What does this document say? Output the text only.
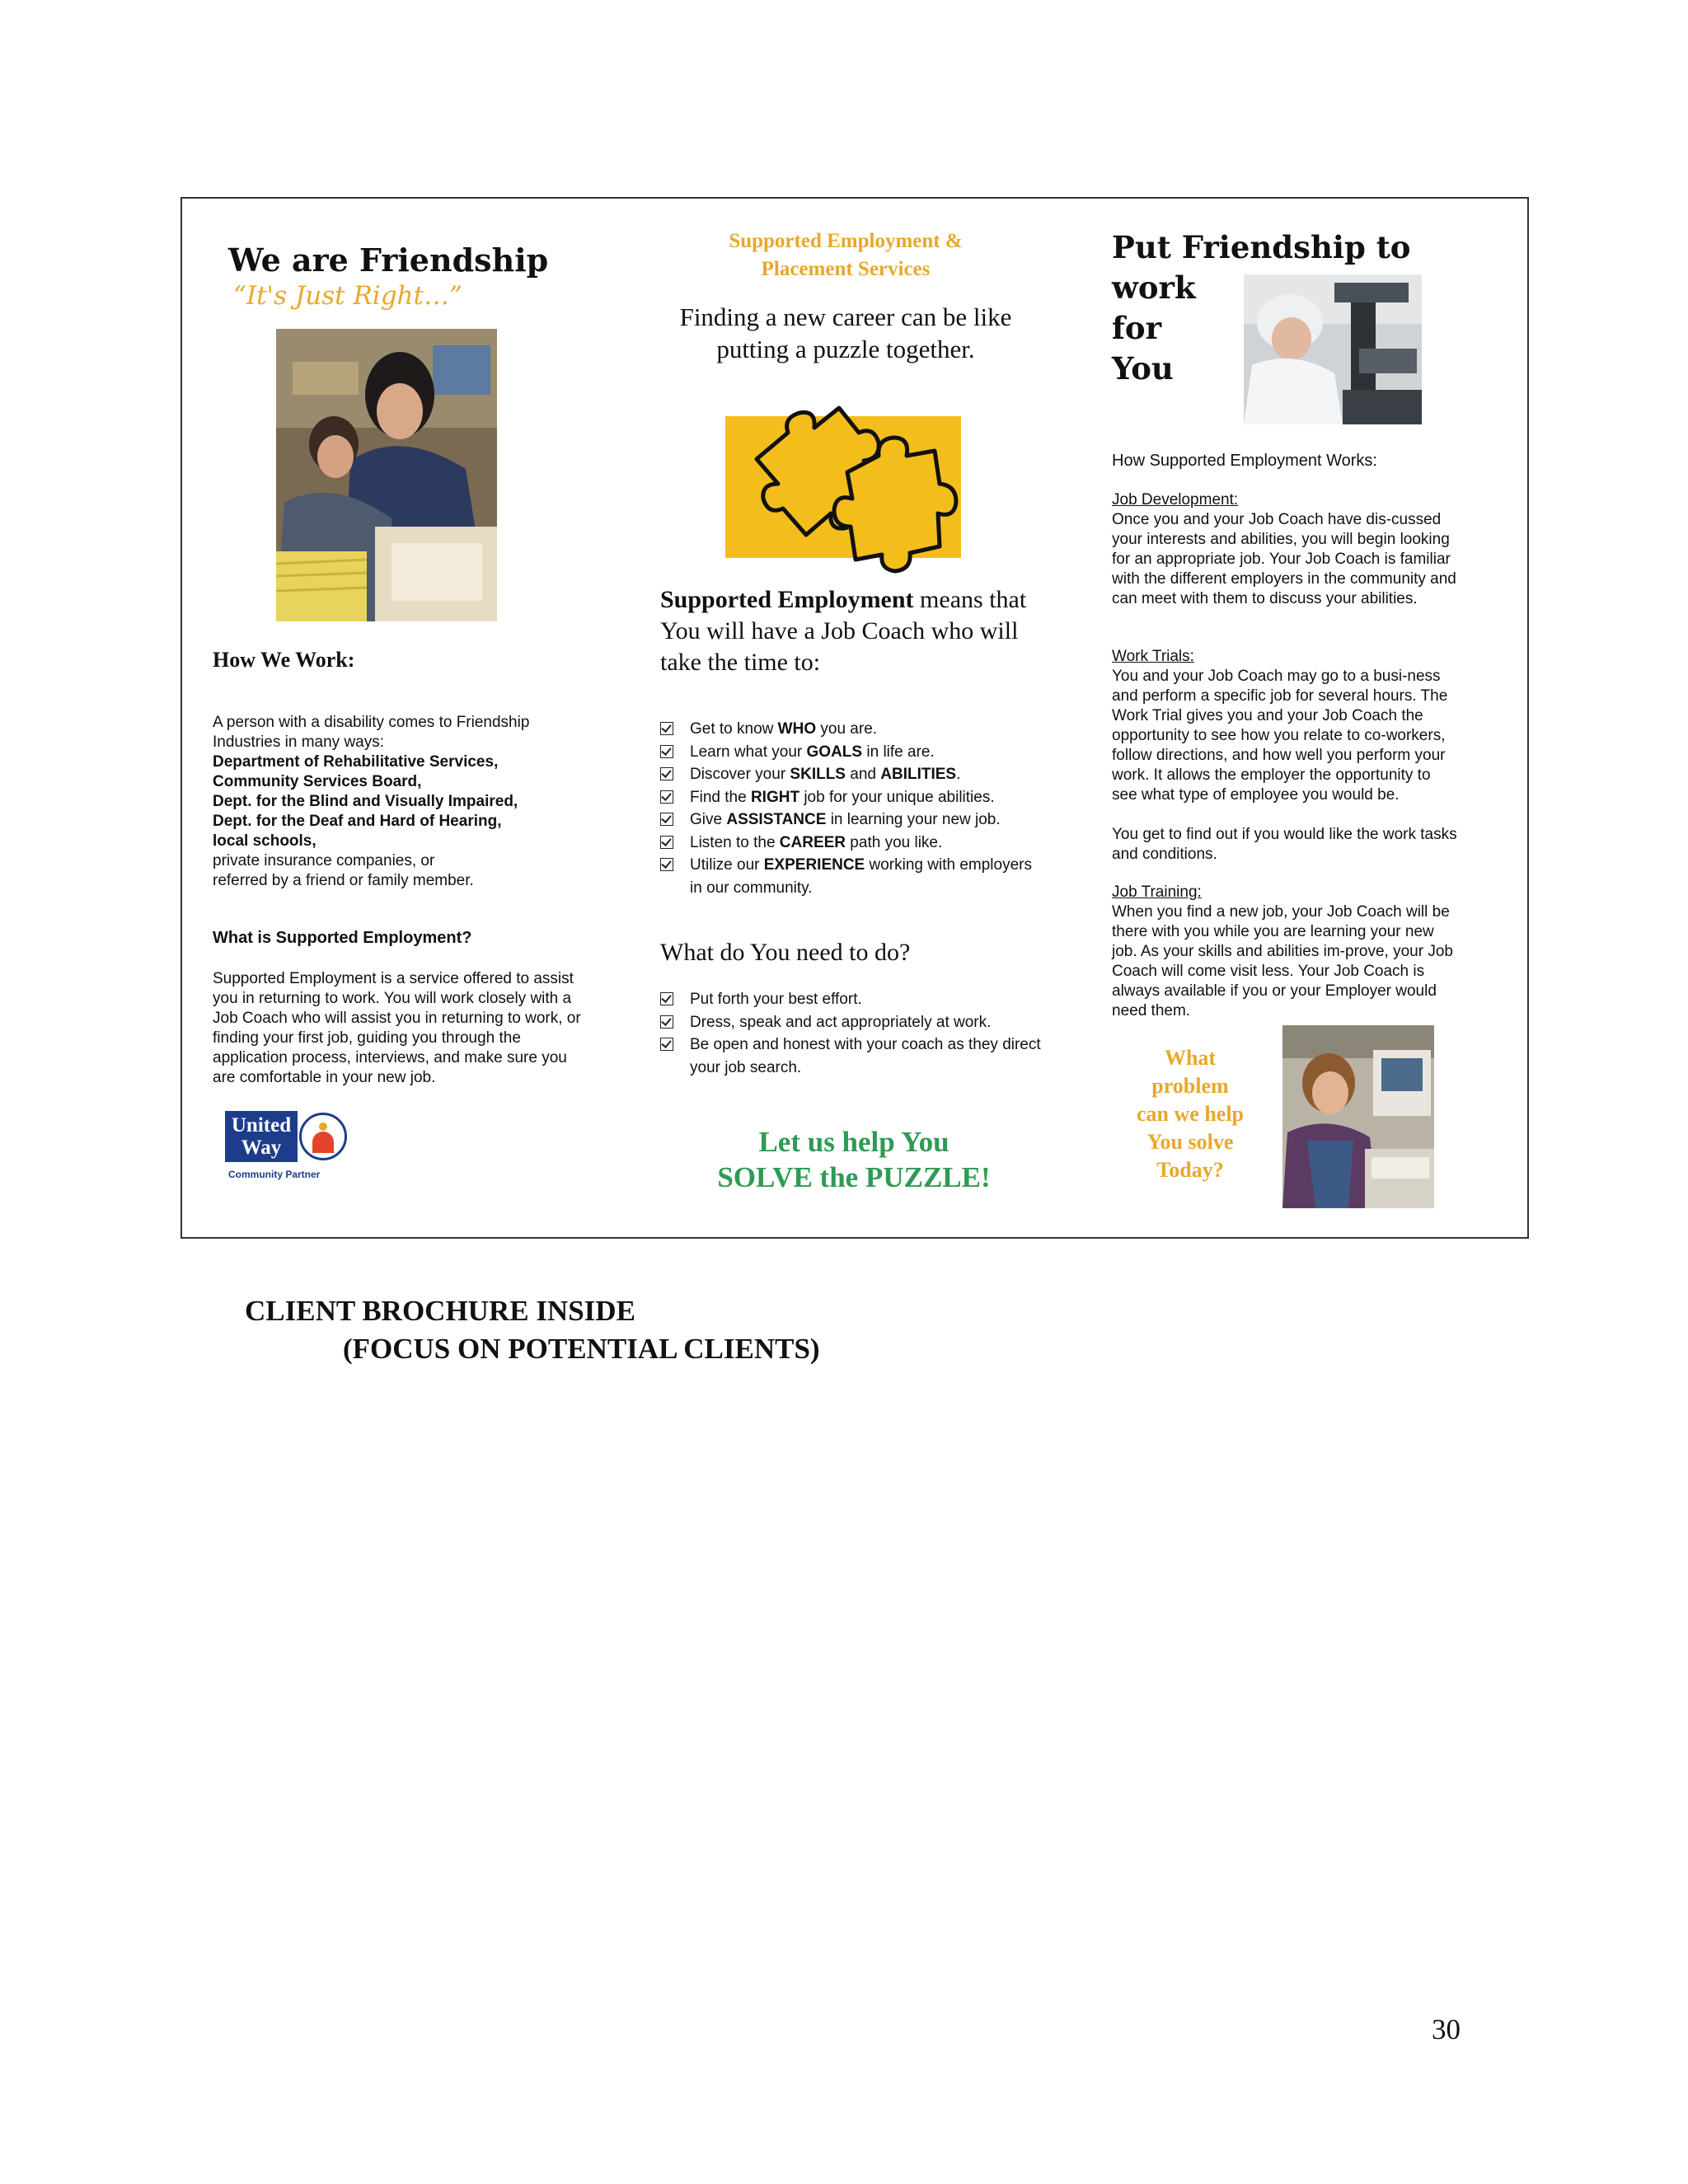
We are Friendship
“It's Just Right…”
How We Work:
A person with a disability comes to Friendship Industries in many ways:
Department of Rehabilitative Services,
Community Services Board,
Dept. for the Blind and Visually Impaired,
Dept. for the Deaf and Hard of Hearing,
local schools,
private insurance companies, or
referred by a friend or family member.
What is Supported Employment?
Supported Employment is a service offered to assist you in returning to work. You will work closely with a Job Coach who will assist you in returning to work, or finding your first job, guiding you through the application process, interviews, and make sure you are comfortable in your new job.
United
Way
Community Partner
Supported Employment &
Placement Services
Finding a new career can be like putting a puzzle together.
Supported Employment means that You will have a Job Coach who will take the time to:
Get to know WHO you are.
Learn what your GOALS in life are.
Discover your SKILLS and ABILITIES.
Find the RIGHT job for your unique abilities.
Give ASSISTANCE in learning your new job.
Listen to the CAREER path you like.
Utilize our EXPERIENCE working with employers in our community.
What do You need to do?
Put forth your best effort.
Dress, speak and act appropriately at work.
Be open and honest with your coach as they direct your job search.
Let us help You
SOLVE the PUZZLE!
Put Friendship to
work
for
You
How Supported Employment Works:
Job Development:
Once you and your Job Coach have dis-cussed your interests and abilities, you will begin looking for an appropriate job. Your Job Coach is familiar with the different employers in the community and can meet with them to discuss your abilities.
Work Trials:
You and your Job Coach may go to a busi-ness and perform a specific job for several hours. The Work Trial gives you and your Job Coach the opportunity to see how you relate to co-workers, follow directions, and how well you perform your work. It allows the employer the opportunity to see what type of employee you would be.
You get to find out if you would like the work tasks and conditions.
Job Training:
When you find a new job, your Job Coach will be there with you while you are learning your new job. As your skills and abilities im-prove, your Job Coach will come visit less. Your Job Coach is always available if you or your Employer would need them.
What
problem
can we help
You solve
Today?
CLIENT BROCHURE INSIDE
(FOCUS ON POTENTIAL CLIENTS)
30
